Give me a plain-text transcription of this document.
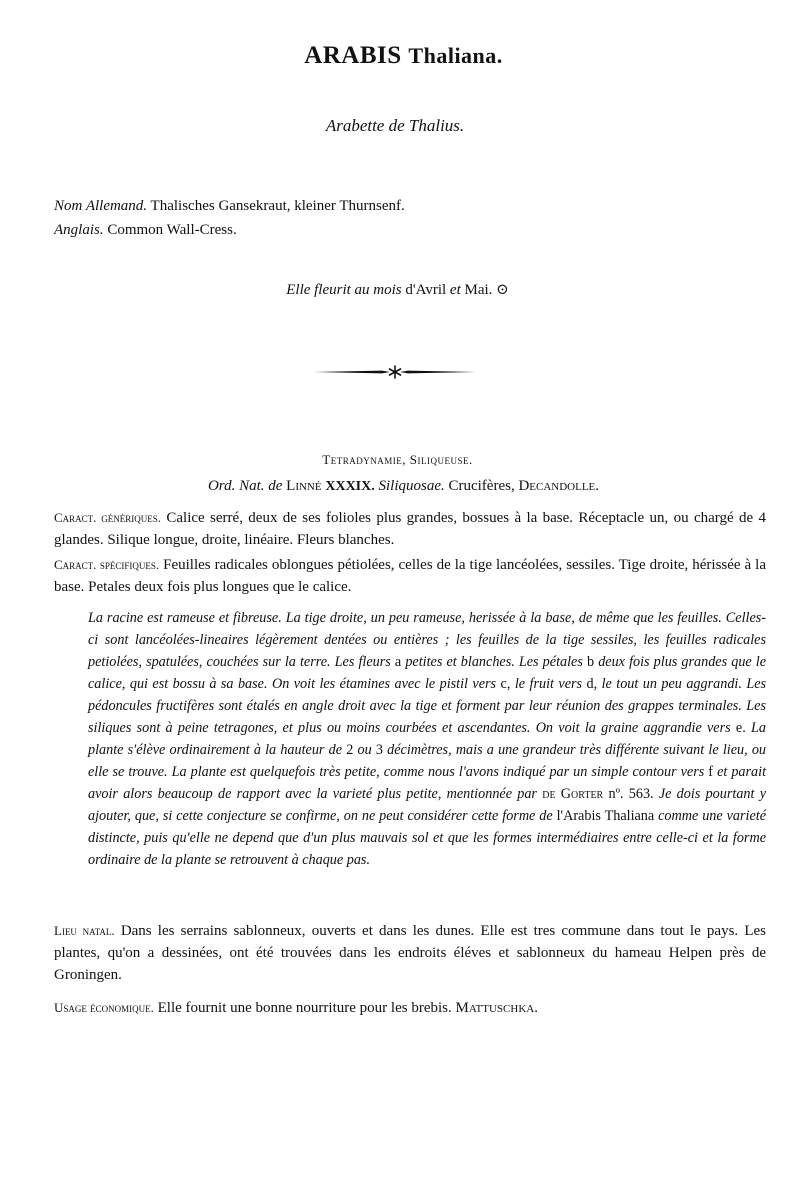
ARABIS Thaliana.

Arabette de Thalius.

Nom Allemand. Thalisches Gansekraut, kleiner Thurnsenf.
Anglais. Common Wall-Cress.
Elle fleurit au mois d'Avril et Mai. ⊙
Tetradynamie, Siliqueuse.
Ord. Nat. de Linné XXXIX. Siliquosae. Crucifères, Decandolle.
Caract. génériques. Calice serré, deux de ses folioles plus grandes, bossues à la base. Réceptacle un, ou chargé de 4 glandes. Silique longue, droite, linéaire. Fleurs blanches.
Caract. spécifiques. Feuilles radicales oblongues pétiolées, celles de la tige lancéolées, sessiles. Tige droite, hérissée à la base. Petales deux fois plus longues que le calice.
La racine est rameuse et fibreuse. La tige droite, un peu rameuse, herissée à la base, de même que les feuilles. Celles-ci sont lancéolées-lineaires légèrement dentées ou entières ; les feuilles de la tige sessiles, les feuilles radicales petiolées, spatulées, couchées sur la terre. Les fleurs a petites et blanches. Les pétales b deux fois plus grandes que le calice, qui est bossu à sa base. On voit les étamines avec le pistil vers c, le fruit vers d, le tout un peu aggrandi. Les pédoncules fructifères sont étalés en angle droit avec la tige et forment par leur réunion des grappes terminales. Les siliques sont à peine tetragones, et plus ou moins courbées et ascendantes. On voit la graine aggrandie vers e. La plante s'élève ordinairement à la hauteur de 2 ou 3 décimètres, mais a une grandeur très différente suivant le lieu, ou elle se trouve. La plante est quelquefois très petite, comme nous l'avons indiqué par un simple contour vers f et parait avoir alors beaucoup de rapport avec la varieté plus petite, mentionnée par de Gorter nº. 563. Je dois pourtant y ajouter, que, si cette conjecture se confirme, on ne peut considérer cette forme de l'Arabis Thaliana comme une varieté distincte, puis qu'elle ne depend que d'un plus mauvais sol et que les formes intermédiaires entre celle-ci et la forme ordinaire de la plante se retrouvent à chaque pas.
Lieu natal. Dans les serrains sablonneux, ouverts et dans les dunes. Elle est tres commune dans tout le pays. Les plantes, qu'on a dessinées, ont été trouvées dans les endroits éléves et sablonneux du hameau Helpen près de Groningen.
Usage économique. Elle fournit une bonne nourriture pour les brebis. Mattuschka.
